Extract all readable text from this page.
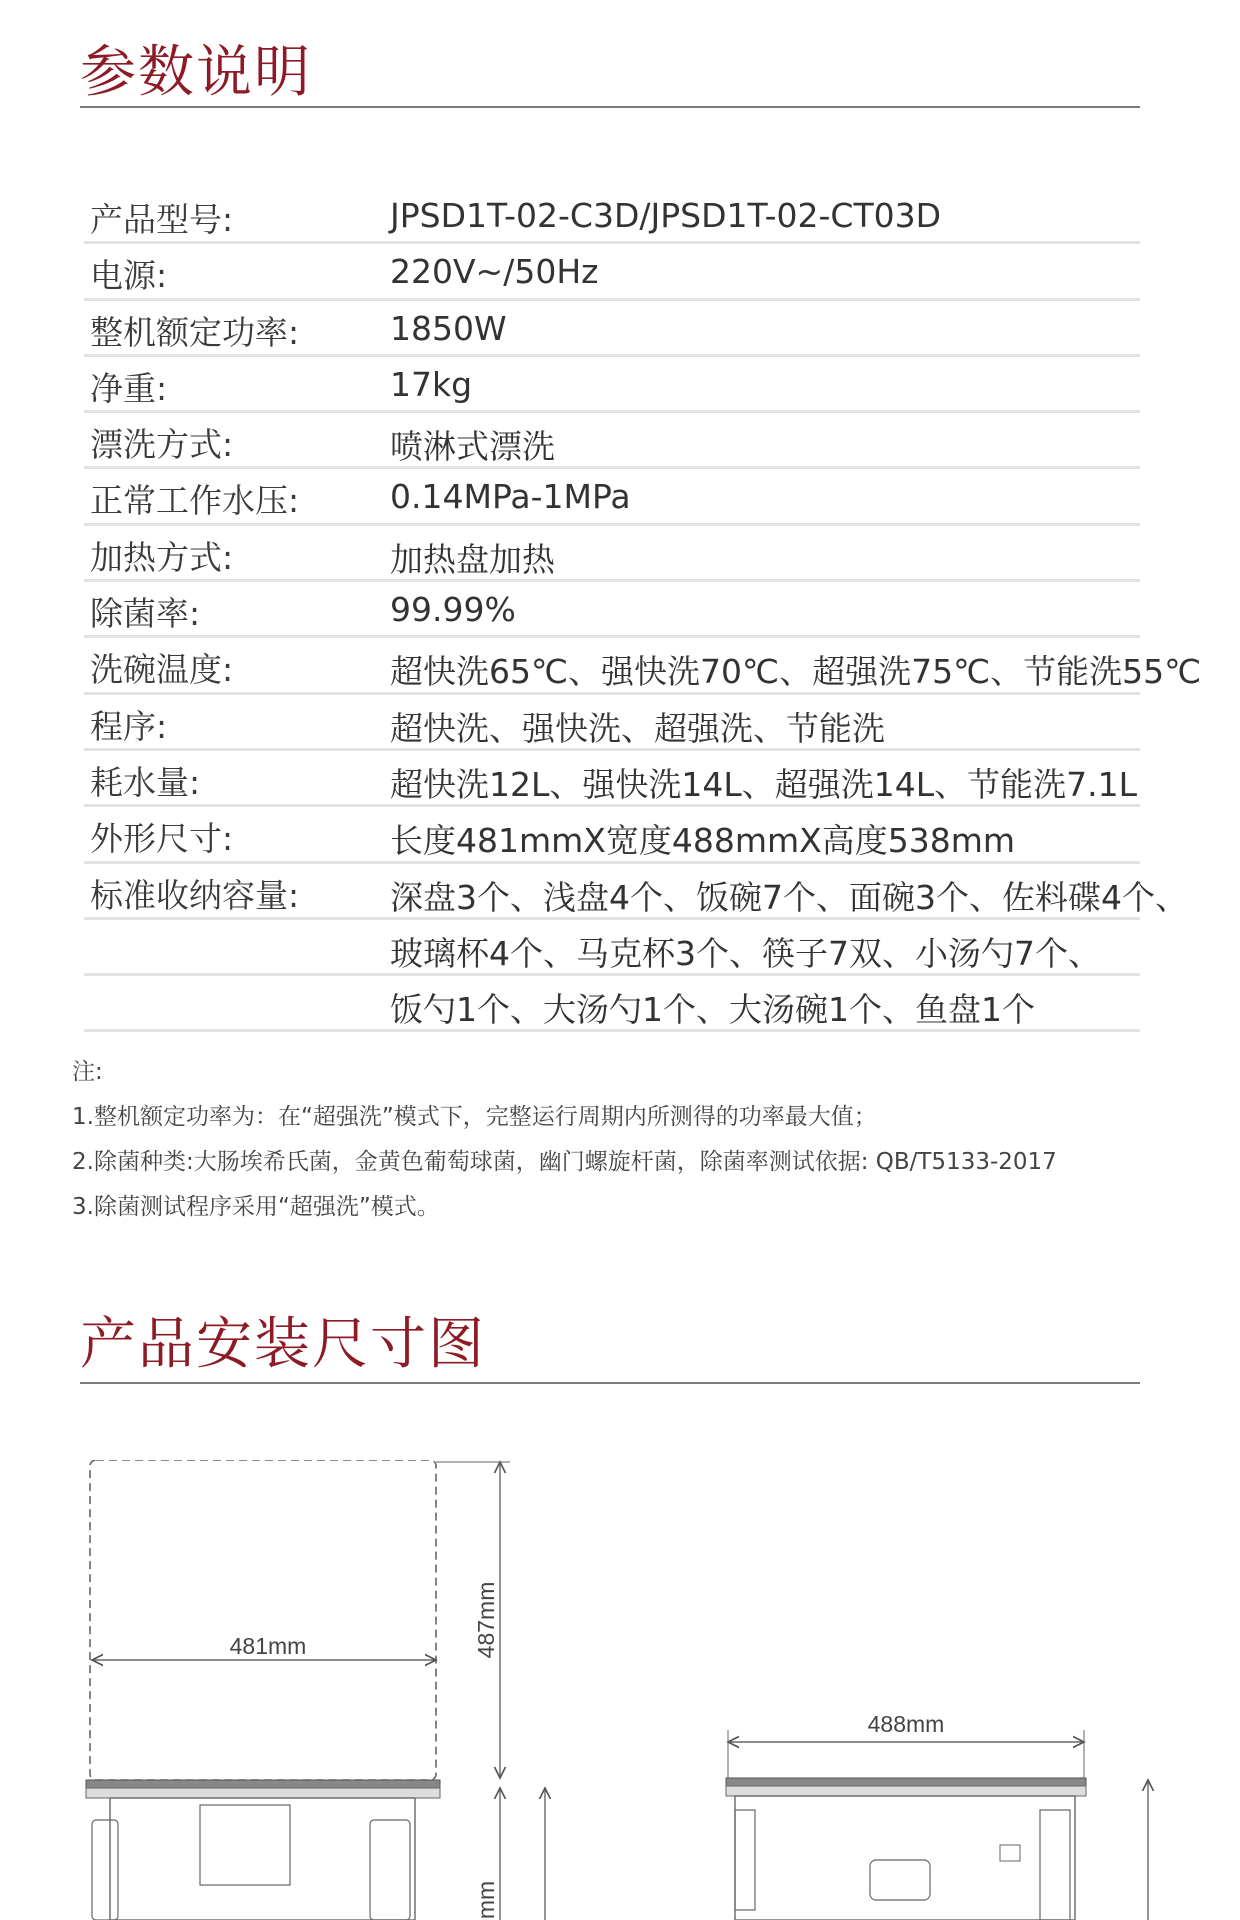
参数说明
产品型号:	JPSD1T-02-C3D/JPSD1T-02-CT03D
电源:	220V~/50Hz
整机额定功率:	1850W
净重:	17kg
漂洗方式:	喷淋式漂洗
正常工作水压:	0.14MPa-1MPa
加热方式:	加热盘加热
除菌率:	99.99%
洗碗温度:	超快洗65℃、强快洗70℃、超强洗75℃、节能洗55℃
程序:	超快洗、强快洗、超强洗、节能洗
耗水量:	超快洗12L、强快洗14L、超强洗14L、节能洗7.1L
外形尺寸:	长度481mmX宽度488mmX高度538mm
标准收纳容量:	深盘3个、浅盘4个、饭碗7个、面碗3个、佐料碟4个、
玻璃杯4个、马克杯3个、筷子7双、小汤勺7个、
饭勺1个、大汤勺1个、大汤碗1个、鱼盘1个
注:
1.整机额定功率为：在“超强洗”模式下，完整运行周期内所测得的功率最大值；
2.除菌种类:大肠埃希氏菌，金黄色葡萄球菌，幽门螺旋杆菌，除菌率测试依据: QB/T5133-2017
3.除菌测试程序采用“超强洗”模式。
产品安装尺寸图
481mm	487mm
mm
488mm
